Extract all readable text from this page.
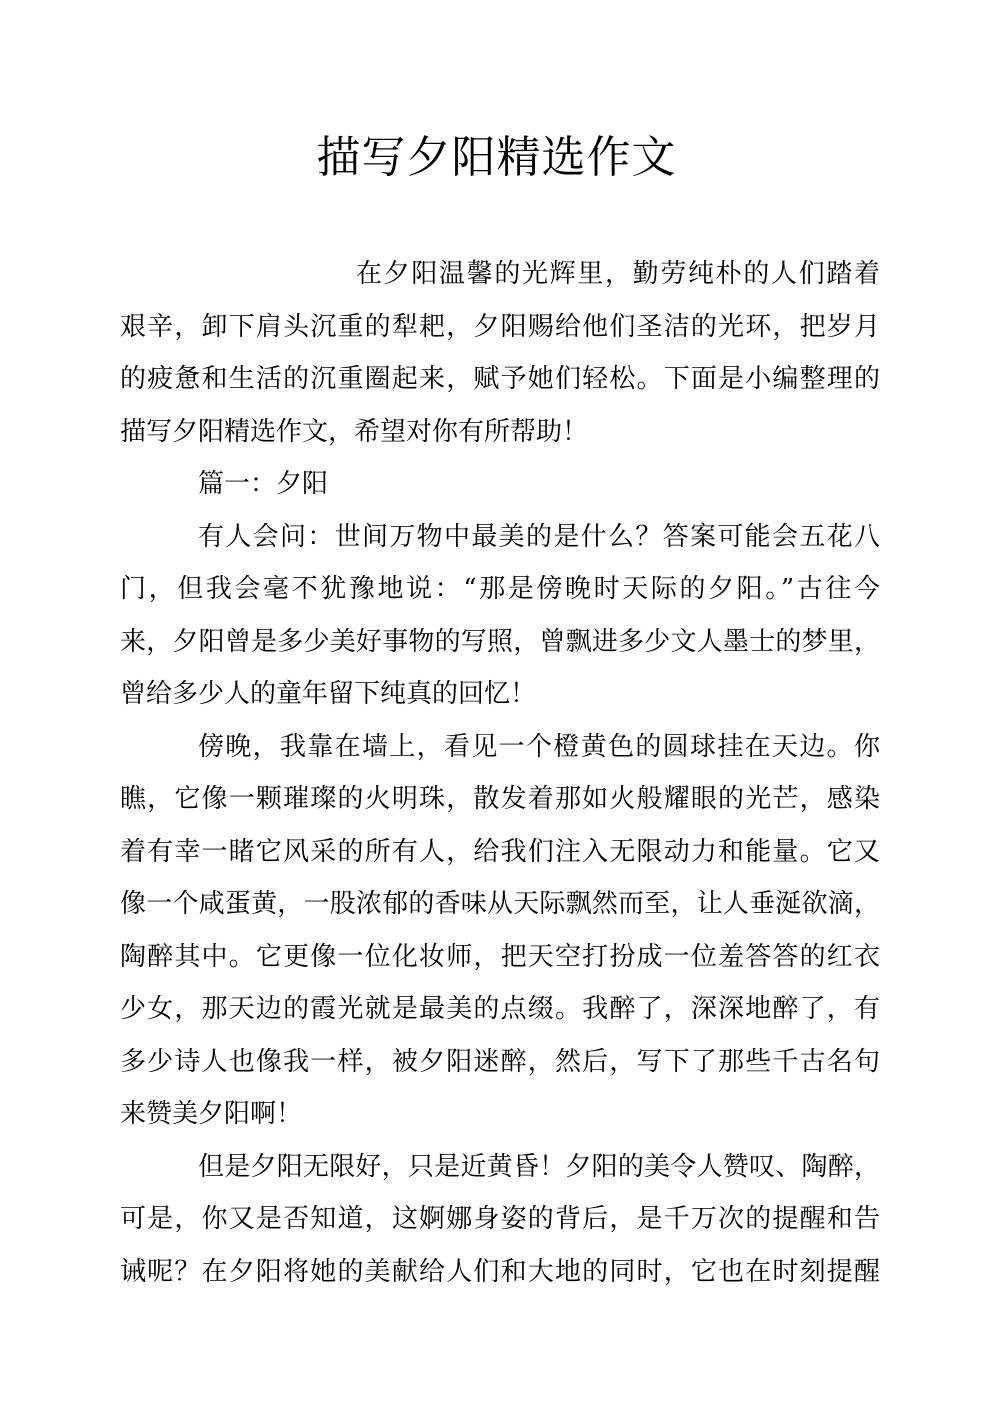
描写夕阳精选作文
在夕阳温馨的光辉里，勤劳纯朴的人们踏着
艰辛，卸下肩头沉重的犁耙，夕阳赐给他们圣洁的光环，把岁月
的疲惫和生活的沉重圈起来，赋予她们轻松。下面是小编整理的
描写夕阳精选作文，希望对你有所帮助！
篇一：夕阳
有人会问：世间万物中最美的是什么？答案可能会五花八
门，但我会毫不犹豫地说：“那是傍晚时天际的夕阳。”古往今
来，夕阳曾是多少美好事物的写照，曾飘进多少文人墨士的梦里，
曾给多少人的童年留下纯真的回忆！
傍晚，我靠在墙上，看见一个橙黄色的圆球挂在天边。你
瞧，它像一颗璀璨的火明珠，散发着那如火般耀眼的光芒，感染
着有幸一睹它风采的所有人，给我们注入无限动力和能量。它又
像一个咸蛋黄，一股浓郁的香味从天际飘然而至，让人垂涎欲滴，
陶醉其中。它更像一位化妆师，把天空打扮成一位羞答答的红衣
少女，那天边的霞光就是最美的点缀。我醉了，深深地醉了，有
多少诗人也像我一样，被夕阳迷醉，然后，写下了那些千古名句
来赞美夕阳啊！
但是夕阳无限好，只是近黄昏！夕阳的美令人赞叹、陶醉，
可是，你又是否知道，这婀娜身姿的背后，是千万次的提醒和告
诫呢？在夕阳将她的美献给人们和大地的同时，它也在时刻提醒
